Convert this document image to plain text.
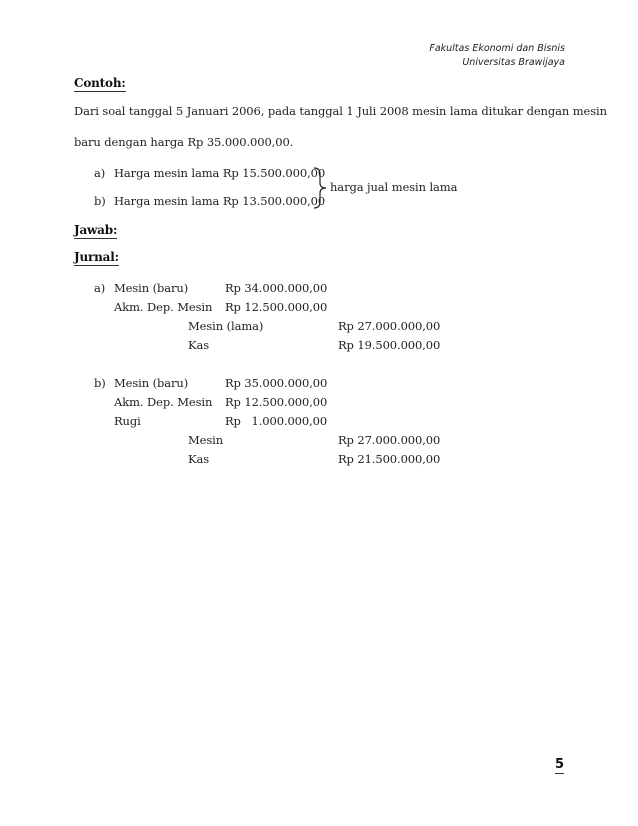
Fakultas Ekonomi dan Bisnis
Universitas Brawijaya
Contoh:
Dari soal tanggal 5 Januari 2006, pada tanggal 1 Juli 2008 mesin lama ditukar dengan mesin
baru dengan harga Rp 35.000.000,00.
a) Harga mesin lama Rp 15.500.000,00
b) Harga mesin lama Rp 13.500.000,00
harga jual mesin lama
Jawab:
Jurnal:
a) Mesin (baru)	Rp 34.000.000,00
Akm. Dep. Mesin Rp 12.500.000,00
Mesin (lama)	Rp 27.000.000,00
Kas	Rp 19.500.000,00
b) Mesin (baru)	Rp 35.000.000,00
Akm. Dep. Mesin Rp 12.500.000,00
Rugi	Rp   1.000.000,00
Mesin	Rp 27.000.000,00
Kas	Rp 21.500.000,00
5
